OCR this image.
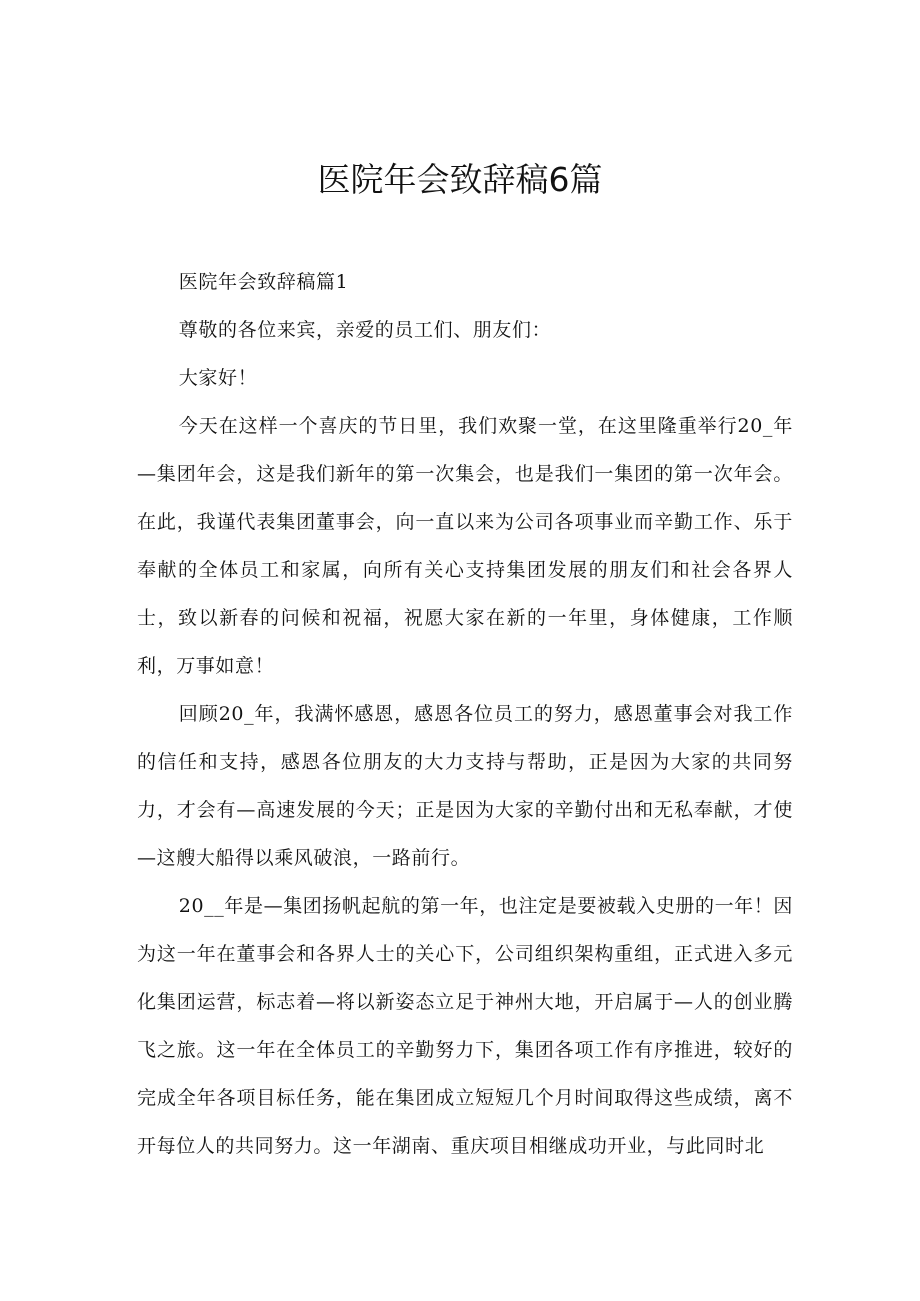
医院年会致辞稿6篇

医院年会致辞稿篇1

尊敬的各位来宾，亲爱的员工们、朋友们：

大家好！

今天在这样一个喜庆的节日里，我们欢聚一堂，在这里隆重举行20_年—集团年会，这是我们新年的第一次集会，也是我们一集团的第一次年会。在此，我谨代表集团董事会，向一直以来为公司各项事业而辛勤工作、乐于奉献的全体员工和家属，向所有关心支持集团发展的朋友们和社会各界人士，致以新春的问候和祝福，祝愿大家在新的一年里，身体健康，工作顺利，万事如意！

回顾20_年，我满怀感恩，感恩各位员工的努力，感恩董事会对我工作的信任和支持，感恩各位朋友的大力支持与帮助，正是因为大家的共同努力，才会有—高速发展的今天；正是因为大家的辛勤付出和无私奉献，才使—这艘大船得以乘风破浪，一路前行。

20__年是—集团扬帆起航的第一年，也注定是要被载入史册的一年！因为这一年在董事会和各界人士的关心下，公司组织架构重组，正式进入多元化集团运营，标志着—将以新姿态立足于神州大地，开启属于—人的创业腾飞之旅。这一年在全体员工的辛勤努力下，集团各项工作有序推进，较好的完成全年各项目标任务，能在集团成立短短几个月时间取得这些成绩，离不开每位人的共同努力。这一年湖南、重庆项目相继成功开业，与此同时北
